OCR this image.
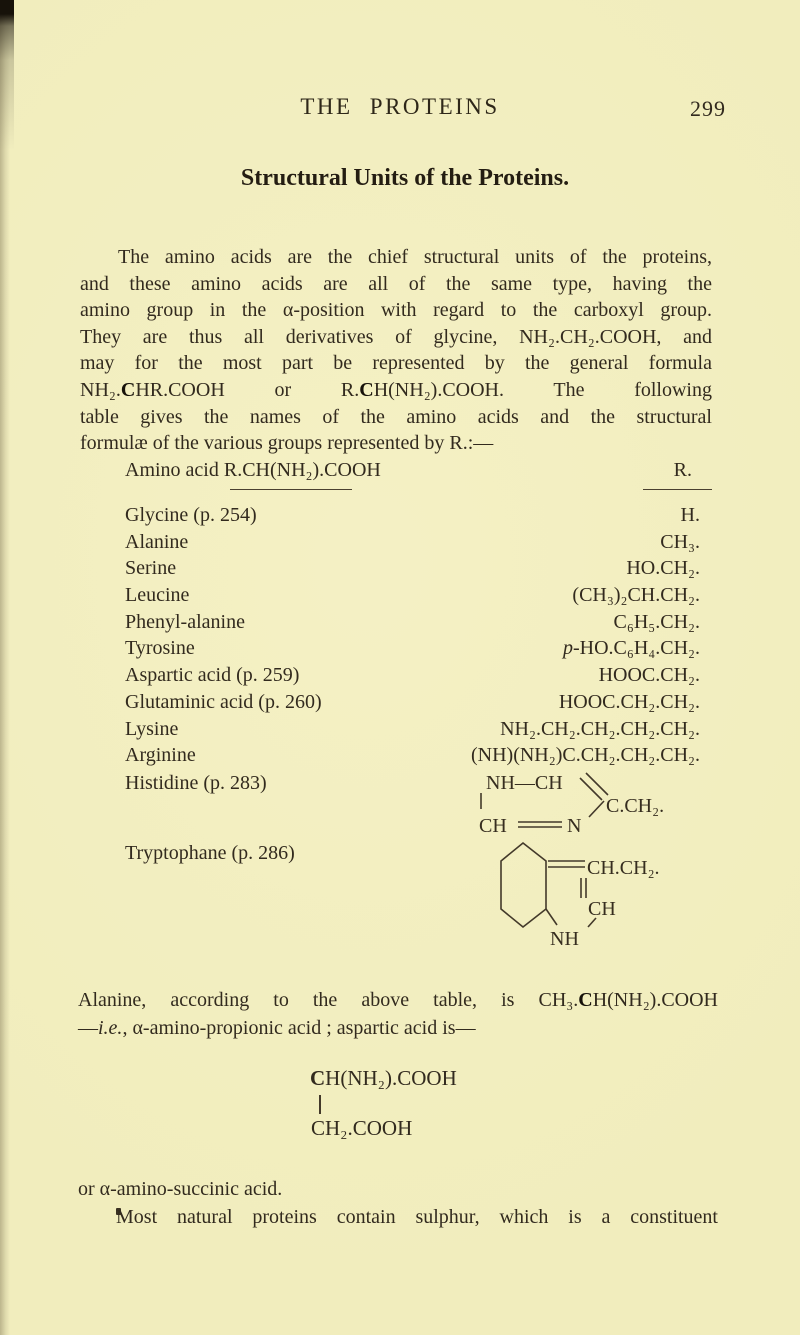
THE PROTEINS	299
Structural Units of the Proteins.
The amino acids are the chief structural units of the proteins,
and these amino acids are all of the same type, having the
amino group in the α-position with regard to the carboxyl group.
They are thus all derivatives of glycine, NH₂.CH₂.COOH, and
may for the most part be represented by the general formula
NH₂.CHR.COOH or R.CH(NH₂).COOH. The following
table gives the names of the amino acids and the structural
formulæ of the various groups represented by R.:—
Amino acid R.CH(NH₂).COOH	R.
Glycine (p. 254)	H.
Alanine	CH₃.
Serine	HO.CH₂.
Leucine	(CH₃)₂CH.CH₂.
Phenyl-alanine	C₆H₅.CH₂.
Tyrosine	p-HO.C₆H₄.CH₂.
Aspartic acid (p. 259)	HOOC.CH₂.
Glutaminic acid (p. 260)	HOOC.CH₂.CH₂.
Lysine	NH₂.CH₂.CH₂.CH₂.CH₂.
Arginine	(NH)(NH₂)C.CH₂.CH₂.CH₂.
Histidine (p. 283)	NH—CH
C.CH₂.
CH	N
Tryptophane (p. 286)
CH.CH₂.
CH
NH
Alanine, according to the above table, is CH₃.CH(NH₂).COOH
—i.e., α-amino-propionic acid ; aspartic acid is—
CH(NH₂).COOH
CH₂.COOH
or α-amino-succinic acid.
Most natural proteins contain sulphur, which is a constituent
